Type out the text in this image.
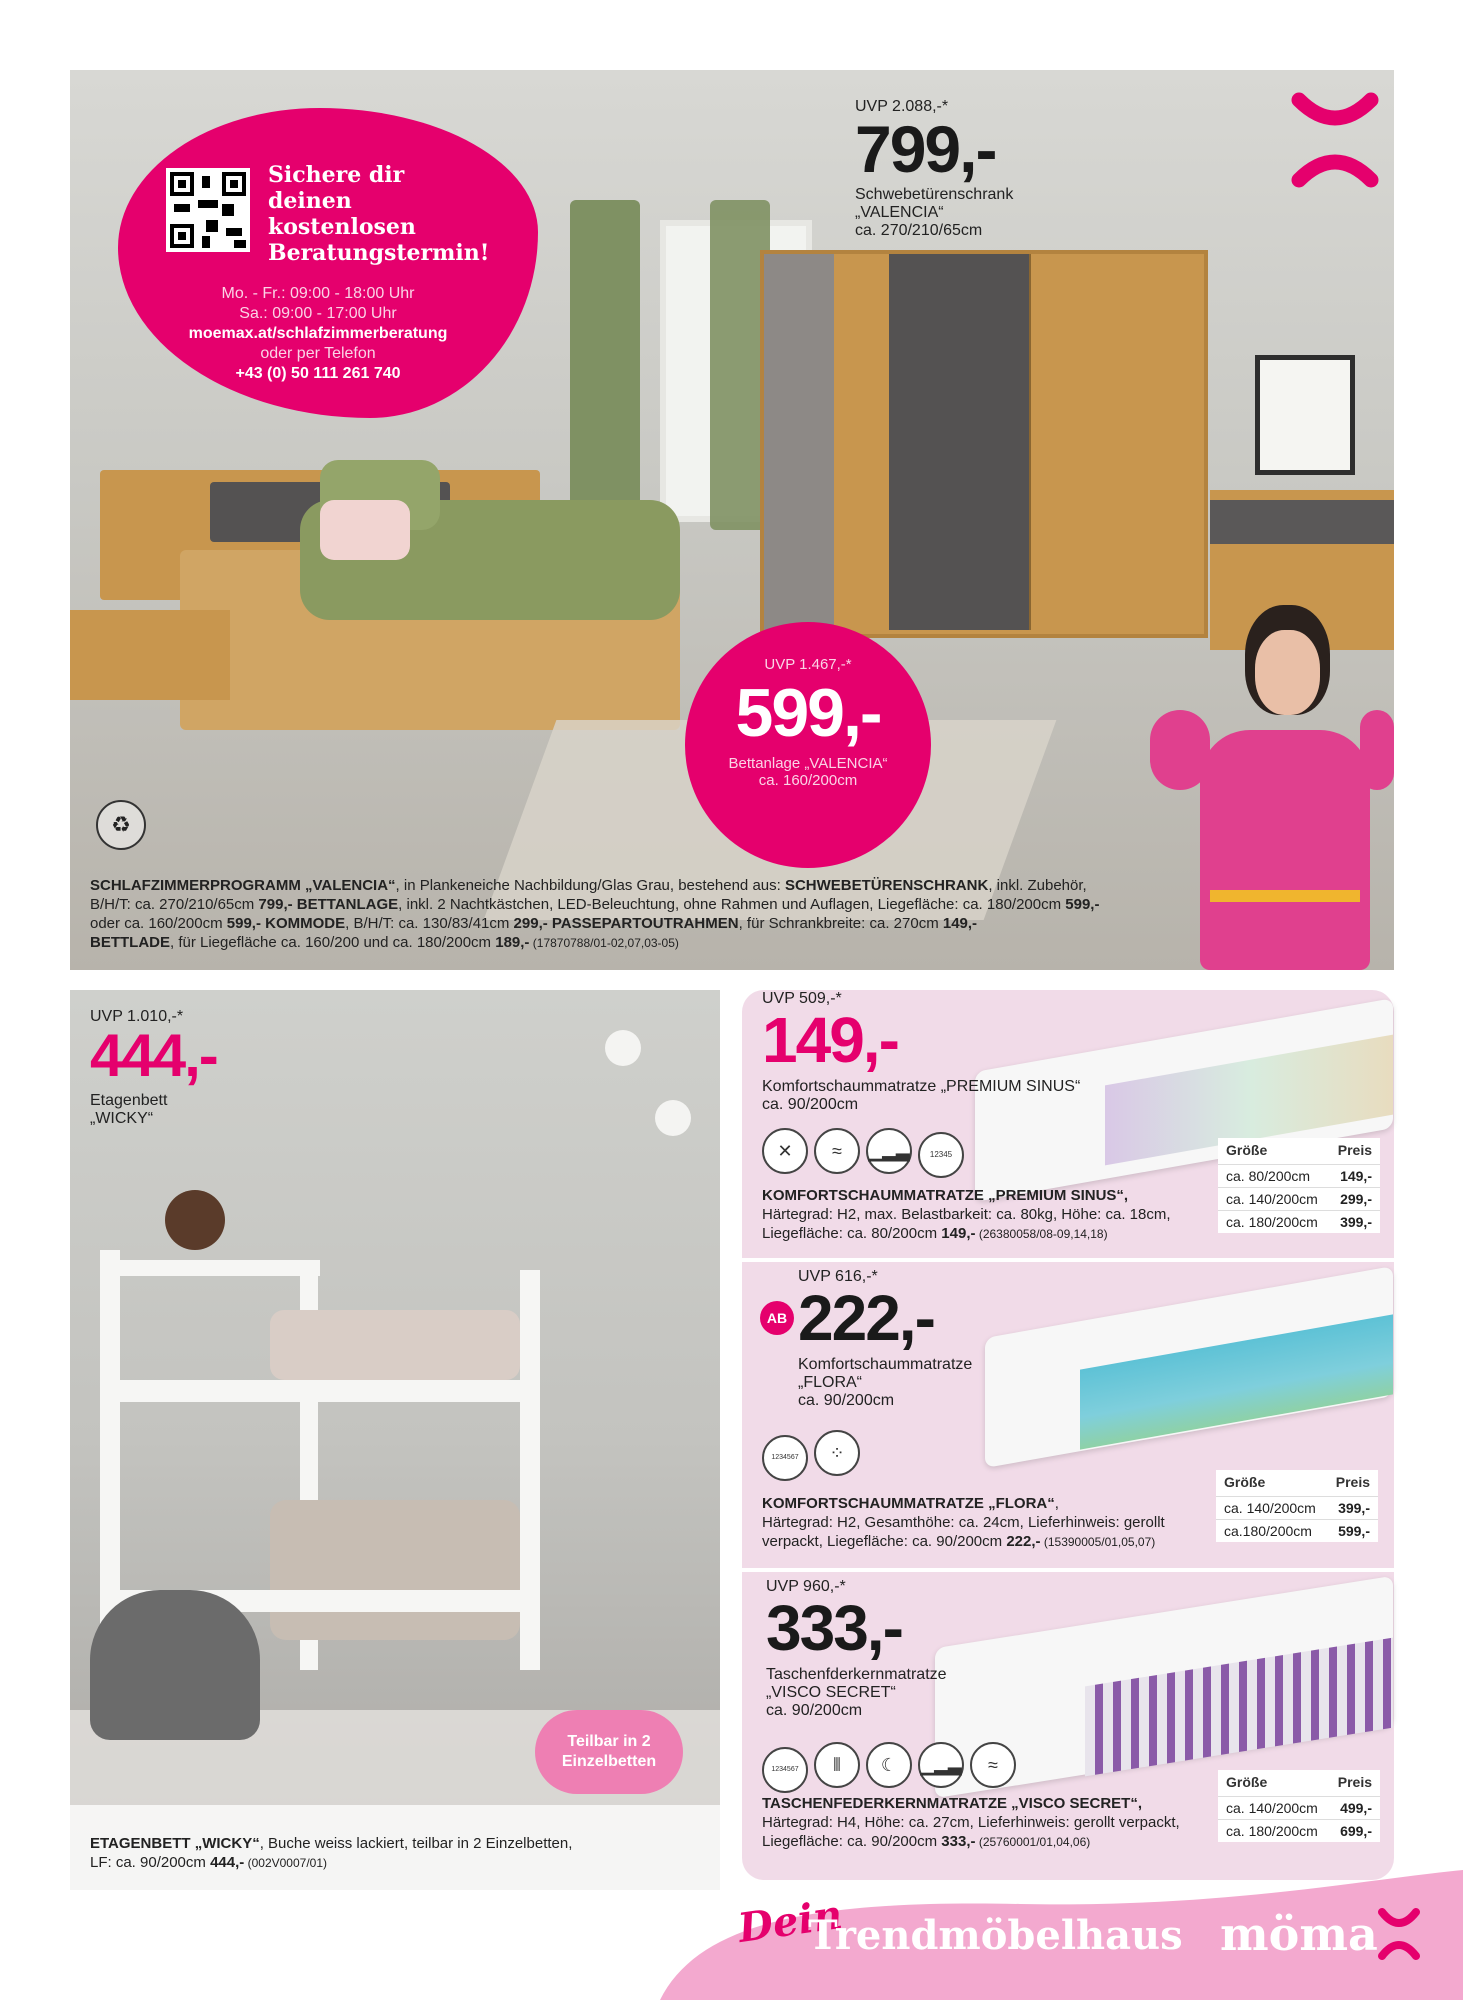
♻
Sichere dir
deinen
kostenlosen
Beratungstermin!
Mo. - Fr.: 09:00 - 18:00 Uhr
Sa.: 09:00 - 17:00 Uhr
moemax.at/schlafzimmerberatung
oder per Telefon
+43 (0) 50 111 261 740
UVP 2.088,-*
799,-
Schwebetürenschrank
„VALENCIA“
ca. 270/210/65cm
UVP 1.467,-*
599,-
Bettanlage „VALENCIA“
ca. 160/200cm
SCHLAFZIMMERPROGRAMM „VALENCIA“, in Plankeneiche Nachbildung/Glas Grau, bestehend aus: SCHWEBETÜRENSCHRANK, inkl. Zubehör,
B/H/T: ca. 270/210/65cm 799,- BETTANLAGE, inkl. 2 Nachtkästchen, LED-Beleuchtung, ohne Rahmen und Auflagen, Liegefläche: ca. 180/200cm 599,-
oder ca. 160/200cm 599,- KOMMODE, B/H/T: ca. 130/83/41cm 299,- PASSEPARTOUTRAHMEN, für Schrankbreite: ca. 270cm 149,-
BETTLADE, für Liegefläche ca. 160/200 und ca. 180/200cm 189,- (17870788/01-02,07,03-05)
Teilbar in 2
Einzelbetten
UVP 1.010,-*
444,-
Etagenbett
„WICKY“
ETAGENBETT „WICKY“, Buche weiss lackiert, teilbar in 2 Einzelbetten,
LF: ca. 90/200cm 444,- (002V0007/01)
UVP 509,-*
149,-
Komfortschaummatratze „PREMIUM SINUS“
ca. 90/200cm
✕ ≈ ▁▂▃	12345
KOMFORTSCHAUMMATRATZE „PREMIUM SINUS“,
Härtegrad: H2, max. Belastbarkeit: ca. 80kg, Höhe: ca. 18cm,
Liegefläche: ca. 80/200cm 149,- (26380058/08-09,14,18)
Größe	Preis
ca. 80/200cm	149,-
ca. 140/200cm	299,-
ca. 180/200cm	399,-
UVP 616,-*
AB 222,-
Komfortschaummatratze
„FLORA“
ca. 90/200cm
1234567 ⁘
KOMFORTSCHAUMMATRATZE „FLORA“,
Härtegrad: H2, Gesamthöhe: ca. 24cm, Lieferhinweis: gerollt
verpackt, Liegefläche: ca. 90/200cm 222,- (15390005/01,05,07)
Größe	Preis
ca. 140/200cm	399,-
ca.180/200cm	599,-
UVP 960,-*
333,-
Taschenfderkernmatratze
„VISCO SECRET“
ca. 90/200cm
1234567 ⦀ ☾ ▁▂▃ ≈
TASCHENFEDERKERNMATRATZE „VISCO SECRET“,
Härtegrad: H4, Höhe: ca. 27cm, Lieferhinweis: gerollt verpackt,
Liegefläche: ca. 90/200cm 333,- (25760001/01,04,06)
Größe	Preis
ca. 140/200cm	499,-
ca. 180/200cm	699,-
Dein
Trendmöbelhaus möma
